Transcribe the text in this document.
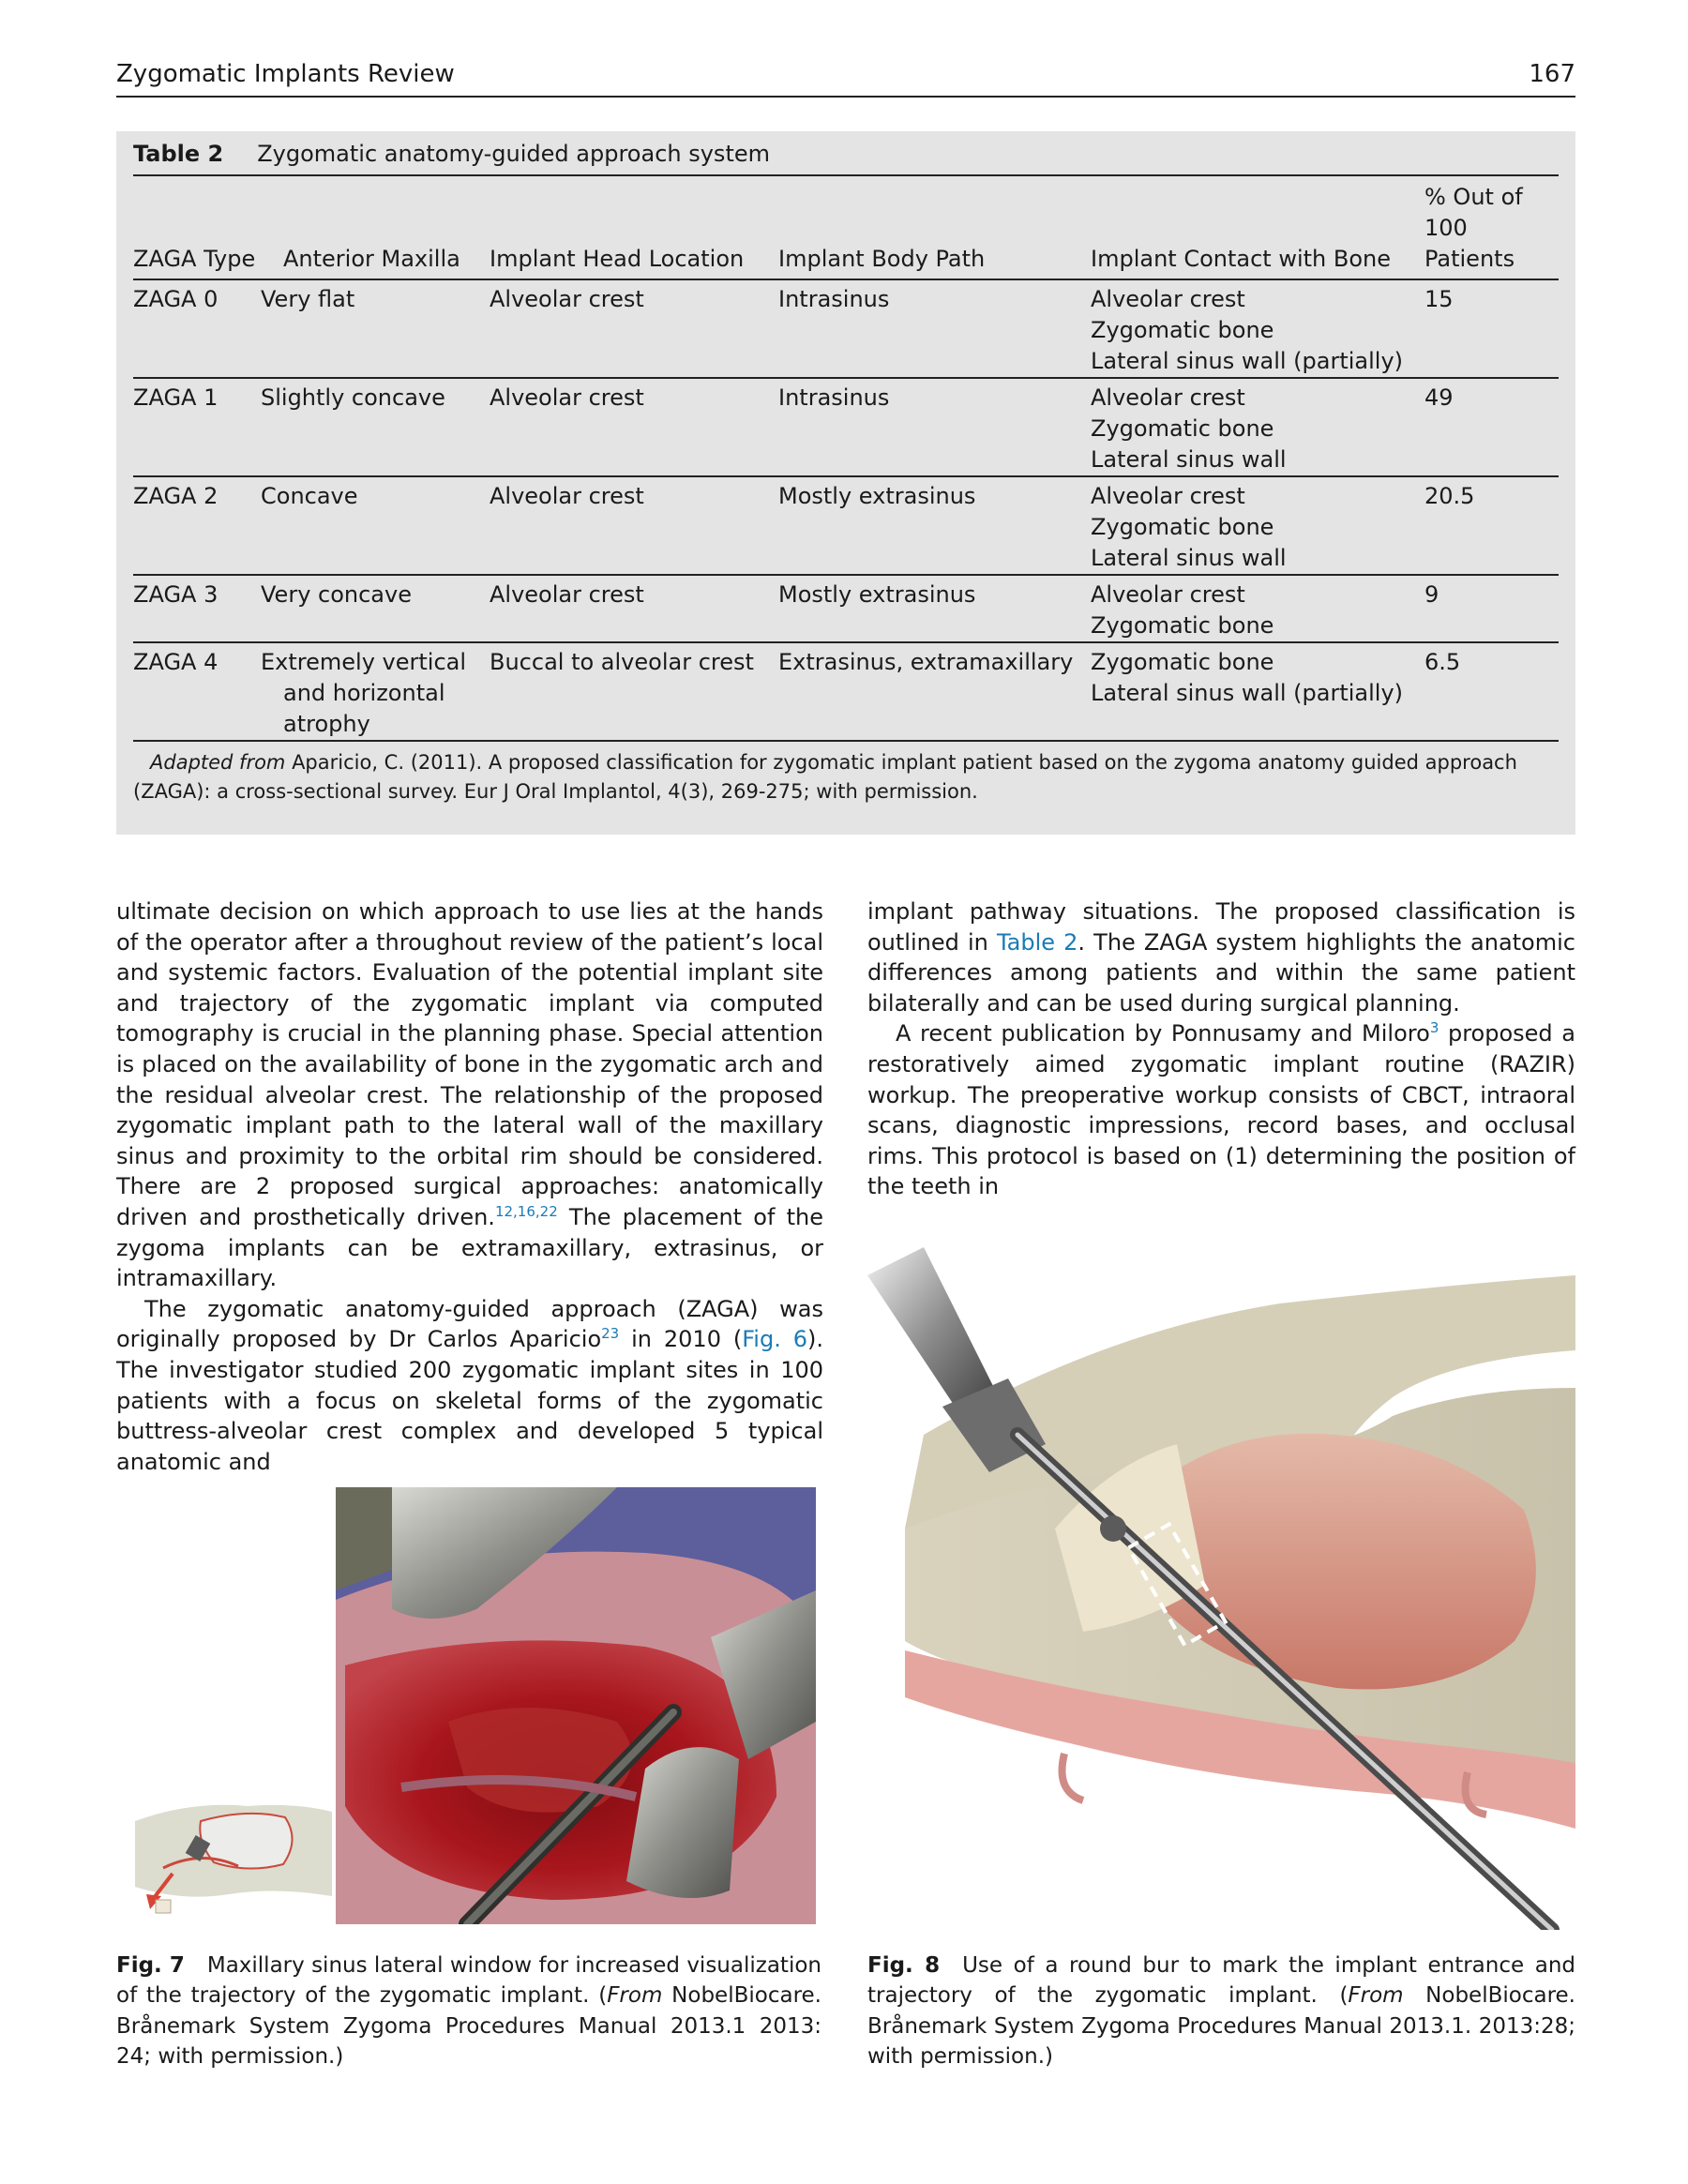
Zygomatic Implants Review	167
Table 2 Zygomatic anatomy-guided approach system
ZAGA Type	Anterior Maxilla	Implant Head Location	Implant Body Path	Implant Contact with Bone	% Out of 100 Patients
ZAGA 0	Very flat	Alveolar crest	Intrasinus	Alveolar crest
Zygomatic bone
Lateral sinus wall (partially)	15
ZAGA 1	Slightly concave	Alveolar crest	Intrasinus	Alveolar crest
Zygomatic bone
Lateral sinus wall	49
ZAGA 2	Concave	Alveolar crest	Mostly extrasinus	Alveolar crest
Zygomatic bone
Lateral sinus wall	20.5
ZAGA 3	Very concave	Alveolar crest	Mostly extrasinus	Alveolar crest
Zygomatic bone	9
ZAGA 4	Extremely vertical and horizontal atrophy	Buccal to alveolar crest	Extrasinus, extramaxillary	Zygomatic bone
Lateral sinus wall (partially)	6.5
Adapted from Aparicio, C. (2011). A proposed classification for zygomatic implant patient based on the zygoma anatomy guided approach (ZAGA): a cross-sectional survey. Eur J Oral Implantol, 4(3), 269-275; with permission.

ultimate decision on which approach to use lies at the hands of the operator after a throughout review of the patient’s local and systemic factors. Evaluation of the potential implant site and trajectory of the zygomatic implant via computed tomography is crucial in the planning phase. Special attention is placed on the availability of bone in the zygomatic arch and the residual alveolar crest. The relationship of the proposed zygomatic implant path to the lateral wall of the maxillary sinus and proximity to the orbital rim should be considered. There are 2 proposed surgical approaches: anatomically driven and prosthetically driven.$^{12,16,22}$ The placement of the zygoma implants can be extramaxillary, extrasinus, or intramaxillary.

The zygomatic anatomy-guided approach (ZAGA) was originally proposed by Dr Carlos Aparicio$^{23}$ in 2010 (Fig. 6). The investigator studied 200 zygomatic implant sites in 100 patients with a focus on skeletal forms of the zygomatic buttress-alveolar crest complex and developed 5 typical anatomic and

implant pathway situations. The proposed classification is outlined in Table 2. The ZAGA system highlights the anatomic differences among patients and within the same patient bilaterally and can be used during surgical planning.

A recent publication by Ponnusamy and Miloro$^3$ proposed a restoratively aimed zygomatic implant routine (RAZIR) workup. The preoperative workup consists of CBCT, intraoral scans, diagnostic impressions, record bases, and occlusal rims. This protocol is based on (1) determining the position of the teeth in

Fig. 7 Maxillary sinus lateral window for increased visualization of the trajectory of the zygomatic implant. (From NobelBiocare. Brånemark System Zygoma Procedures Manual 2013.1 2013: 24; with permission.)
Fig. 8 Use of a round bur to mark the implant entrance and trajectory of the zygomatic implant. (From NobelBiocare. Brånemark System Zygoma Procedures Manual 2013.1. 2013:28; with permission.)
